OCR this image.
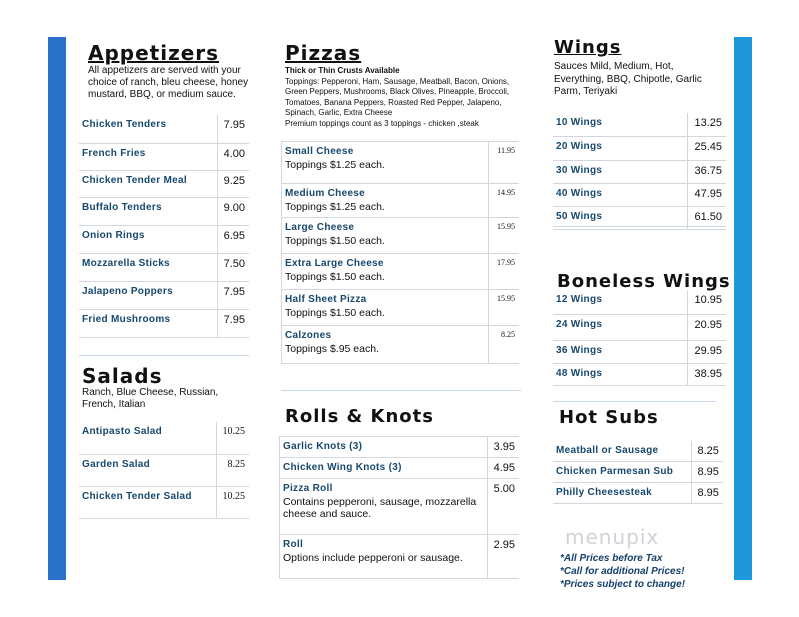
Appetizers
All appetizers are served with your choice of ranch, bleu cheese, honey mustard, BBQ, or medium sauce.
Chicken Tenders	7.95
French Fries	4.00
Chicken Tender Meal	9.25
Buffalo Tenders	9.00
Onion Rings	6.95
Mozzarella Sticks	7.50
Jalapeno Poppers	7.95
Fried Mushrooms	7.95
Salads
Ranch, Blue Cheese, Russian, French, Italian
Antipasto Salad	10.25
Garden Salad	8.25
Chicken Tender Salad	10.25
Pizzas
Thick or Thin Crusts Available
Toppings: Pepperoni, Ham, Sausage, Meatball, Bacon, Onions, Green Peppers, Mushrooms, Black Olives, Pineapple, Broccoli, Tomatoes, Banana Peppers, Roasted Red Pepper, Jalapeno, Spinach, Garlic, Extra Cheese
Premium toppings count as 3 toppings - chicken ,steak
Small Cheese
Toppings $1.25 each.	11.95
Medium Cheese
Toppings $1.25 each.	14.95
Large Cheese
Toppings $1.50 each.	15.95
Extra Large Cheese
Toppings $1.50 each.	17.95
Half Sheet Pizza
Toppings $1.50 each.	15.95
Calzones
Toppings $.95 each.	8.25
Rolls & Knots
Garlic Knots (3)	3.95
Chicken Wing Knots (3)	4.95
Pizza Roll
Contains pepperoni, sausage, mozzarella cheese and sauce.	5.00
Roll
Options include pepperoni or sausage.	2.95
Wings
Sauces Mild, Medium, Hot, Everything, BBQ, Chipotle, Garlic Parm, Teriyaki
10 Wings	13.25
20 Wings	25.45
30 Wings	36.75
40 Wings	47.95
50 Wings	61.50
Boneless Wings
12 Wings	10.95
24 Wings	20.95
36 Wings	29.95
48 Wings	38.95
Hot Subs
Meatball or Sausage	8.25
Chicken Parmesan Sub	8.95
Philly Cheesesteak	8.95
menupix
*All Prices before Tax
*Call for additional Prices!
*Prices subject to change!
